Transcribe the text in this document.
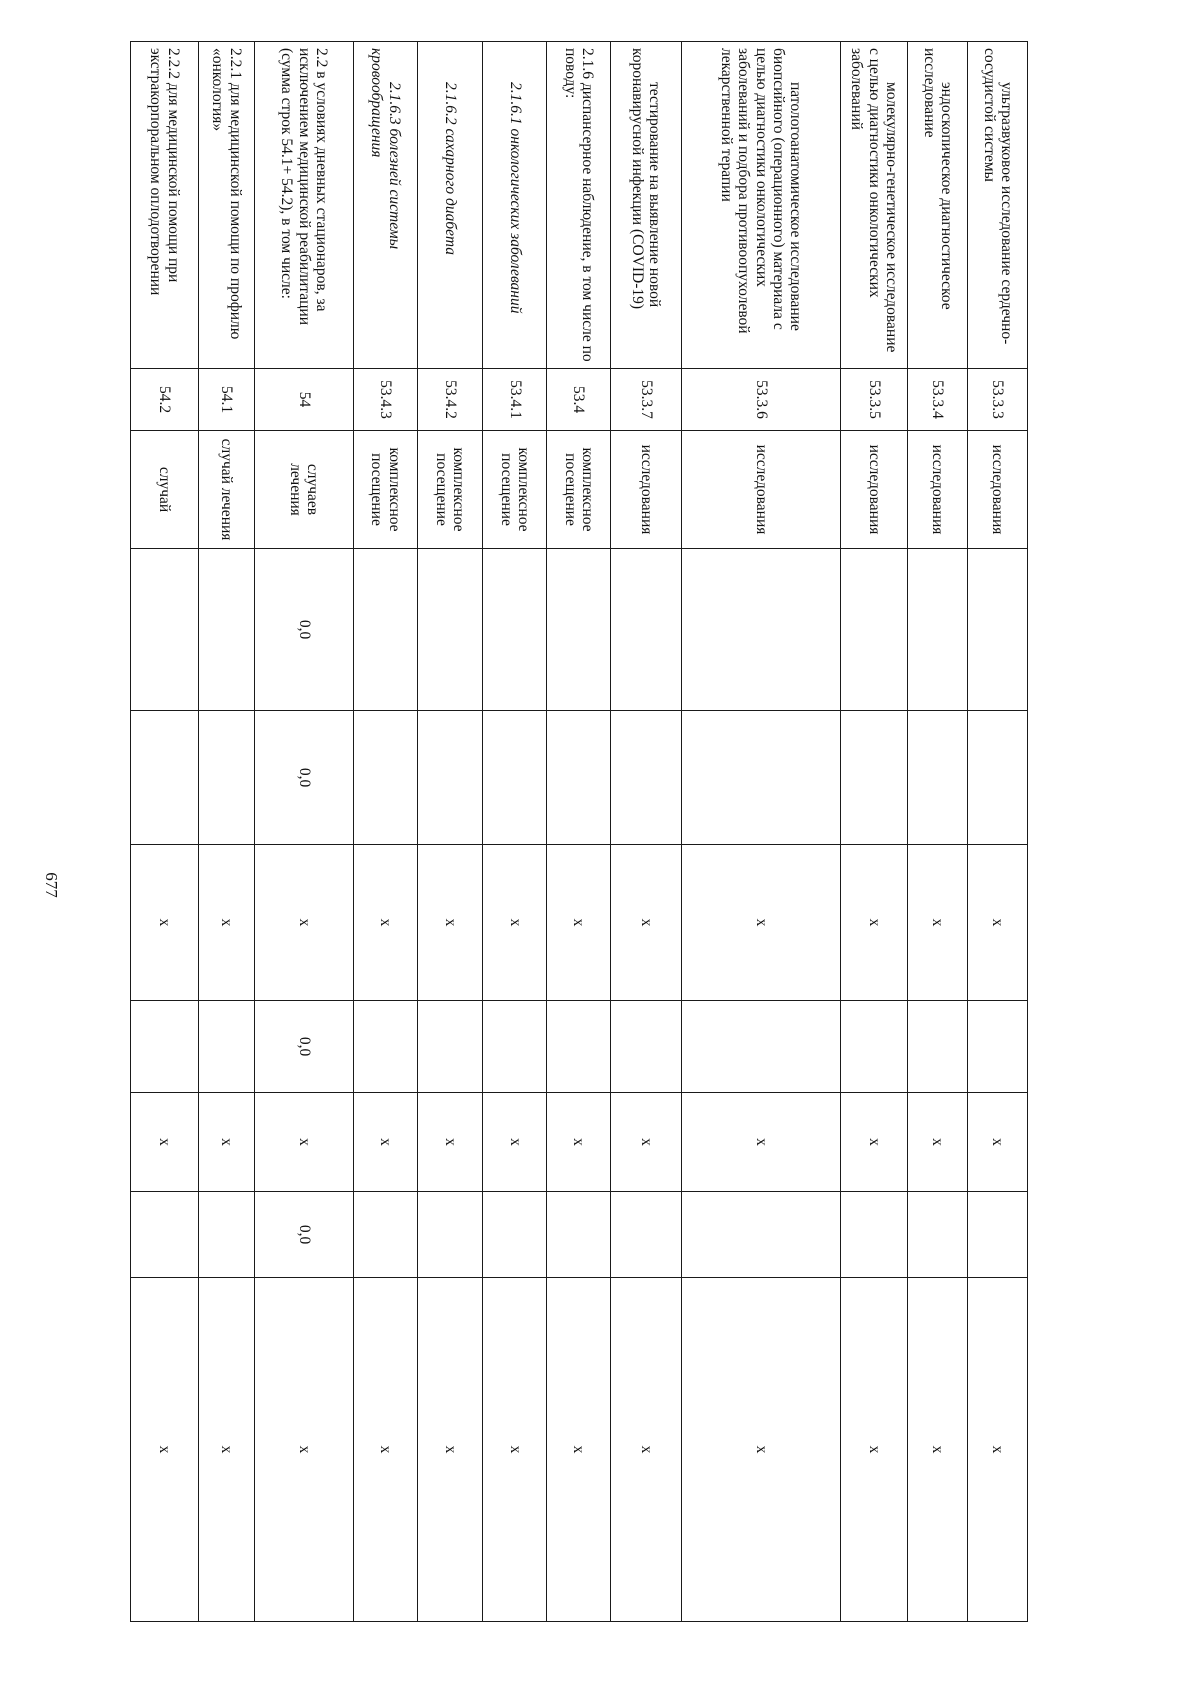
677
ультразвуковое исследование сердечно-сосудистой системы	53.3.3	исследования			x		x		x

эндоскопическое диагностическое исследование	53.3.4	исследования			x		x		x

молекулярно-генетическое исследование с целью диагностики онкологических заболеваний	53.3.5	исследования			x		x		x

патологоанатомическое исследование биопсийного (операционного) материала с целью диагностики онкологических заболеваний и подбора противоопухолевой лекарственной терапии	53.3.6	исследования			x		x		x

тестирование на выявление новой коронавирусной инфекции (COVID-19)	53.3.7	исследования			x		x		x
2.1.6 диспансерное наблюдение, в том числе по поводу:	53.4	комплексное посещение			x		x		x

2.1.6.1 онкологических заболеваний	53.4.1	комплексное посещение			x		x		x

2.1.6.2 сахарного диабета	53.4.2	комплексное посещение			x		x		x

2.1.6.3 болезней системы кровообращения	53.4.3	комплексное посещение			x		x		x
2.2 в условиях дневных стационаров, за исключением медицинской реабилитации (сумма строк 54.1+ 54.2), в том числе:	54	случаев лечения	0,0	0,0	x	0,0	x	0,0	x
2.2.1 для медицинской помощи по профилю «онкология»	54.1	случай лечения			x		x		x
2.2.2 для медицинской помощи при экстракорпоральном оплодотворении	54.2	случай			x		x		x
